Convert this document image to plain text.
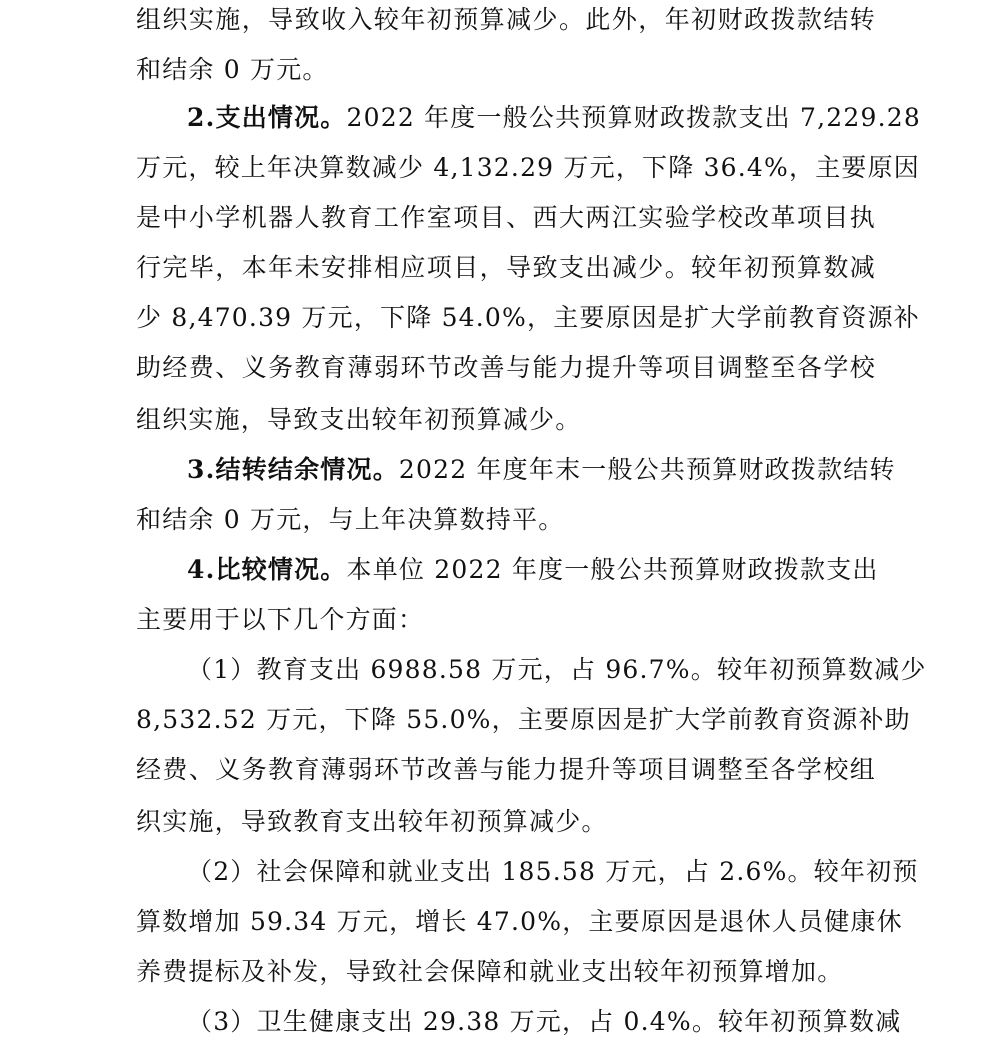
组织实施，导致收入较年初预算减少。此外，年初财政拨款结转
和结余 0 万元。
2.支出情况。2022 年度一般公共预算财政拨款支出 7,229.28
万元，较上年决算数减少 4,132.29 万元，下降 36.4%，主要原因
是中小学机器人教育工作室项目、西大两江实验学校改革项目执
行完毕，本年未安排相应项目，导致支出减少。较年初预算数减
少 8,470.39 万元，下降 54.0%，主要原因是扩大学前教育资源补
助经费、义务教育薄弱环节改善与能力提升等项目调整至各学校
组织实施，导致支出较年初预算减少。
3.结转结余情况。2022 年度年末一般公共预算财政拨款结转
和结余 0 万元，与上年决算数持平。
4.比较情况。本单位 2022 年度一般公共预算财政拨款支出
主要用于以下几个方面：
（1）教育支出 6988.58 万元，占 96.7%。较年初预算数减少
8,532.52 万元，下降 55.0%，主要原因是扩大学前教育资源补助
经费、义务教育薄弱环节改善与能力提升等项目调整至各学校组
织实施，导致教育支出较年初预算减少。
（2）社会保障和就业支出 185.58 万元，占 2.6%。较年初预
算数增加 59.34 万元，增长 47.0%，主要原因是退休人员健康休
养费提标及补发，导致社会保障和就业支出较年初预算增加。
（3）卫生健康支出 29.38 万元，占 0.4%。较年初预算数减
